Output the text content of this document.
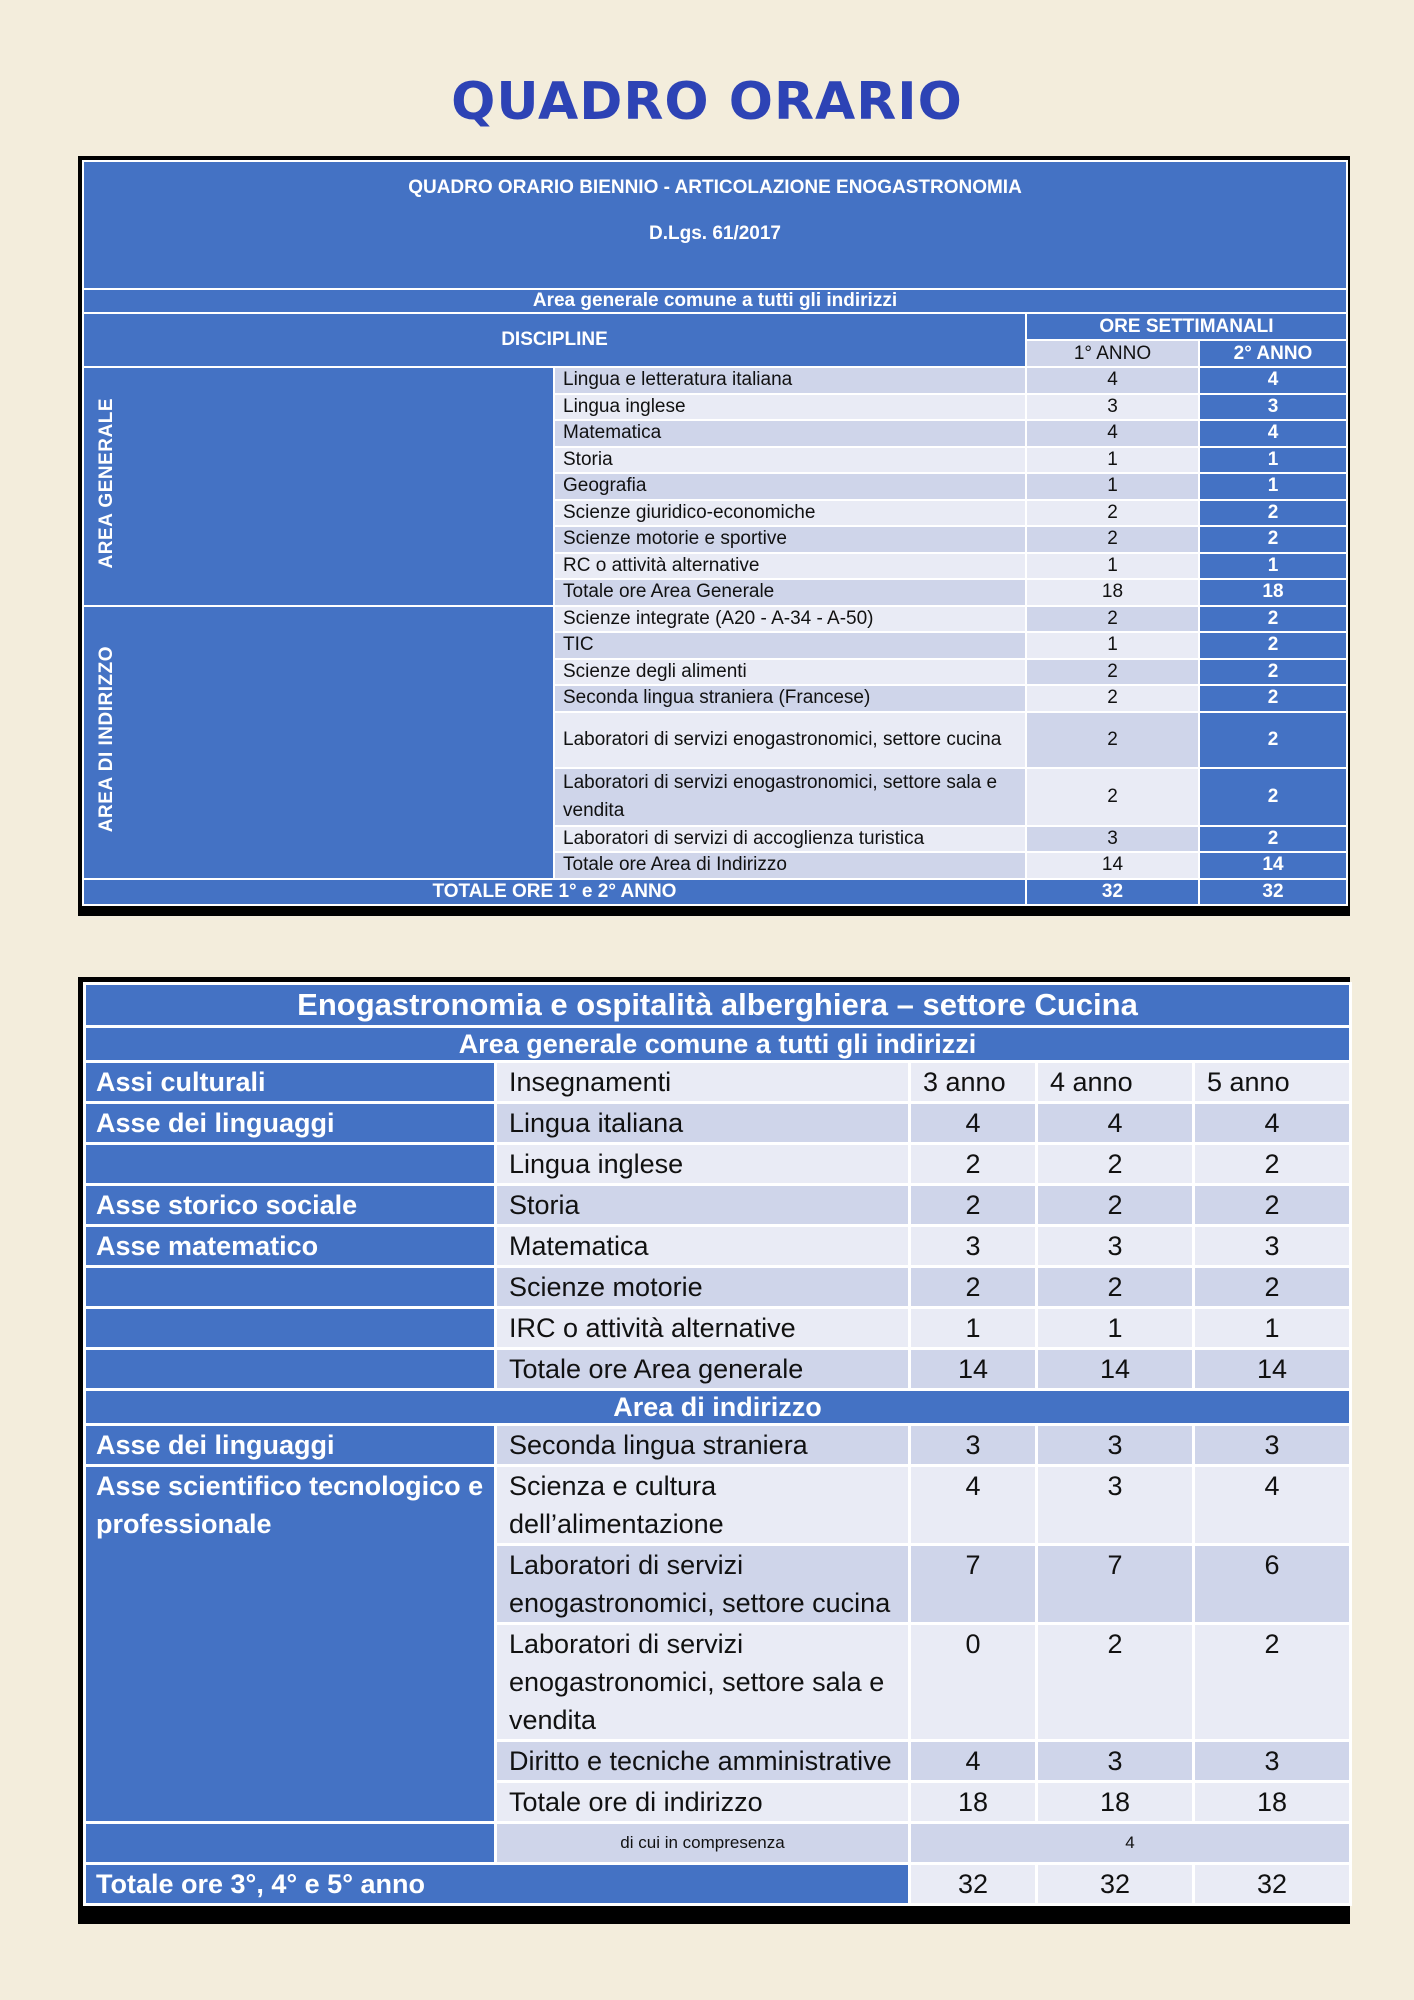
QUADRO ORARIO
QUADRO ORARIO BIENNIO - ARTICOLAZIONE ENOGASTRONOMIA
D.Lgs. 61/2017			

Area generale comune a tutti gli indirizzi			
DISCIPLINE		ORE SETTIMANALI	
		1° ANNO	2° ANNO
AREA GENERALE	Lingua e letteratura italiana	4	4
	Lingua inglese	3	3
	Matematica	4	4
	Storia	1	1
	Geografia	1	1
	Scienze giuridico-economiche	2	2
	Scienze motorie e sportive	2	2
	RC o attività alternative	1	1
	Totale ore Area Generale	18	18
AREA DI INDIRIZZO	Scienze integrate (A20 - A-34 - A-50)	2	2
	TIC	1	2
	Scienze degli alimenti	2	2
	Seconda lingua straniera (Francese)	2	2
	Laboratori di servizi enogastronomici, settore cucina	2	2
	Laboratori di servizi enogastronomici, settore sala e vendita	2	2
	Laboratori di servizi di accoglienza turistica	3	2
	Totale ore Area di Indirizzo	14	14
TOTALE ORE 1° e 2° ANNO		32	32
Enogastronomia e ospitalità alberghiera – settore Cucina				
Area generale comune a tutti gli indirizzi				
Assi culturali	Insegnamenti	3 anno	4 anno	5 anno
Asse dei linguaggi	Lingua italiana	4	4	4
	Lingua inglese	2	2	2
Asse storico sociale	Storia	2	2	2
Asse matematico	Matematica	3	3	3
	Scienze motorie	2	2	2
	IRC o attività alternative	1	1	1
	Totale ore Area generale	14	14	14
Area di indirizzo				
Asse dei linguaggi	Seconda lingua straniera	3	3	3
Asse scientifico tecnologico e professionale	Scienza e cultura dell’alimentazione	4	3	4
	Laboratori di servizi enogastronomici, settore cucina	7	7	6
	Laboratori di servizi enogastronomici, settore sala e vendita	0	2	2
	Diritto e tecniche amministrative	4	3	3
	Totale ore di indirizzo	18	18	18
	di cui in compresenza	4		
Totale ore 3°, 4° e 5° anno		32	32	32
